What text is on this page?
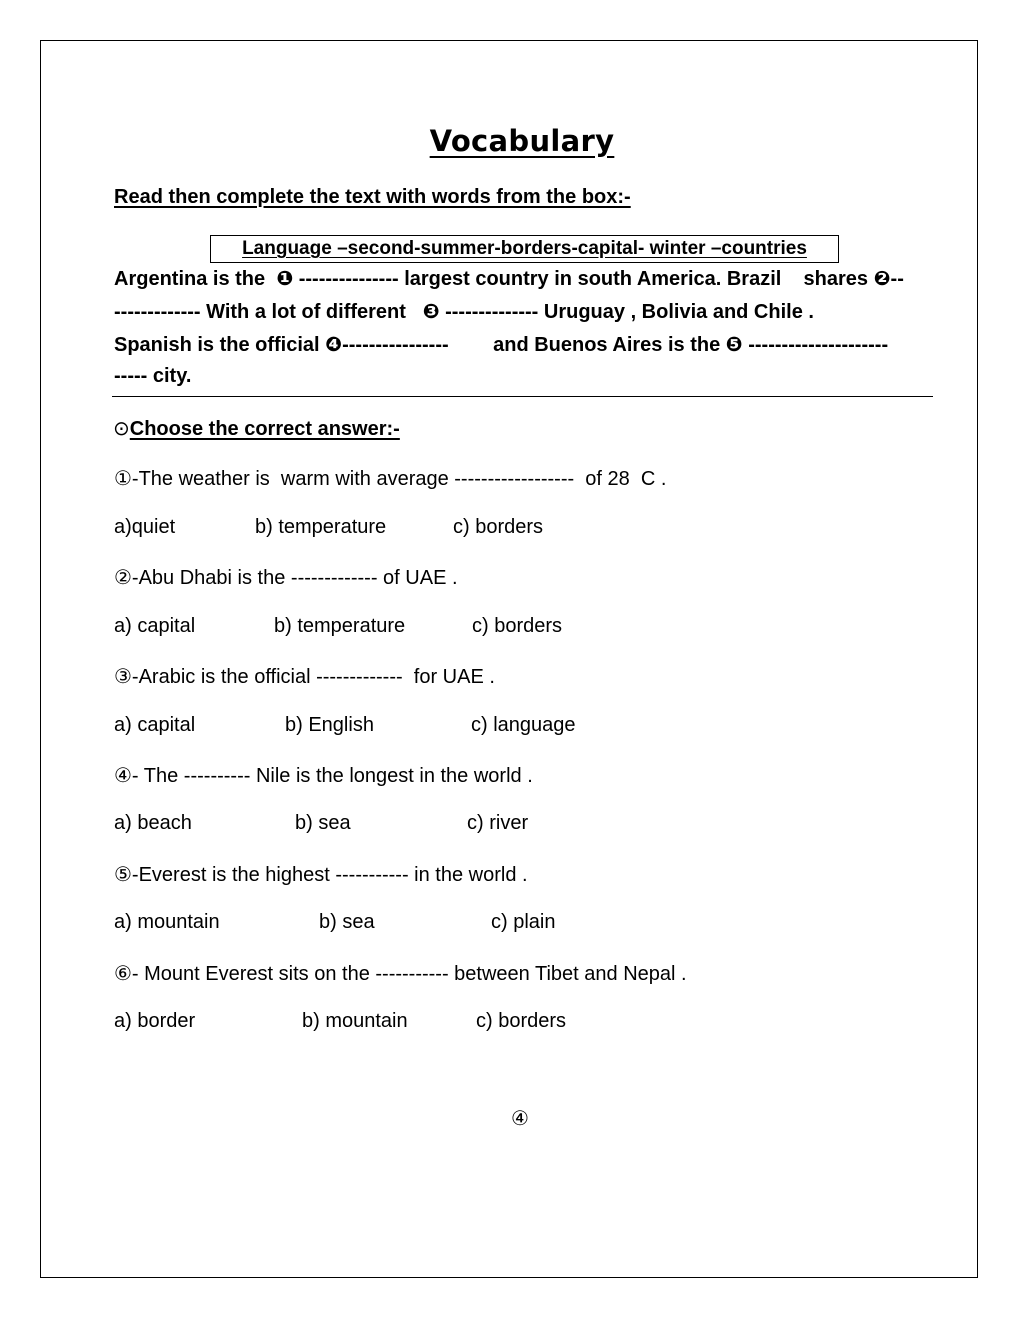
Vocabulary
Read then complete the text with words from the box:-
Language –second-summer-borders-capital- winter –countries
Argentina is the  ❶ --------------- largest country in south America. Brazil    shares ❷--
------------- With a lot of different   ❸ -------------- Uruguay , Bolivia and Chile .
Spanish is the official ❹----------------        and Buenos Aires is the ❺ ---------------------
----- city.
⊙Choose the correct answer:-
①-The weather is  warm with average ------------------  of 28  C .
a)quiet	b) temperature	c) borders
②-Abu Dhabi is the ------------- of UAE .
a) capital	b) temperature	c) borders
③-Arabic is the official -------------  for UAE .
a) capital	b) English	c) language
④- The ---------- Nile is the longest in the world .
a) beach	b) sea	c) river
⑤-Everest is the highest ----------- in the world .
a) mountain	b) sea	c) plain
⑥- Mount Everest sits on the ----------- between Tibet and Nepal .
a) border	b) mountain	c) borders
④
